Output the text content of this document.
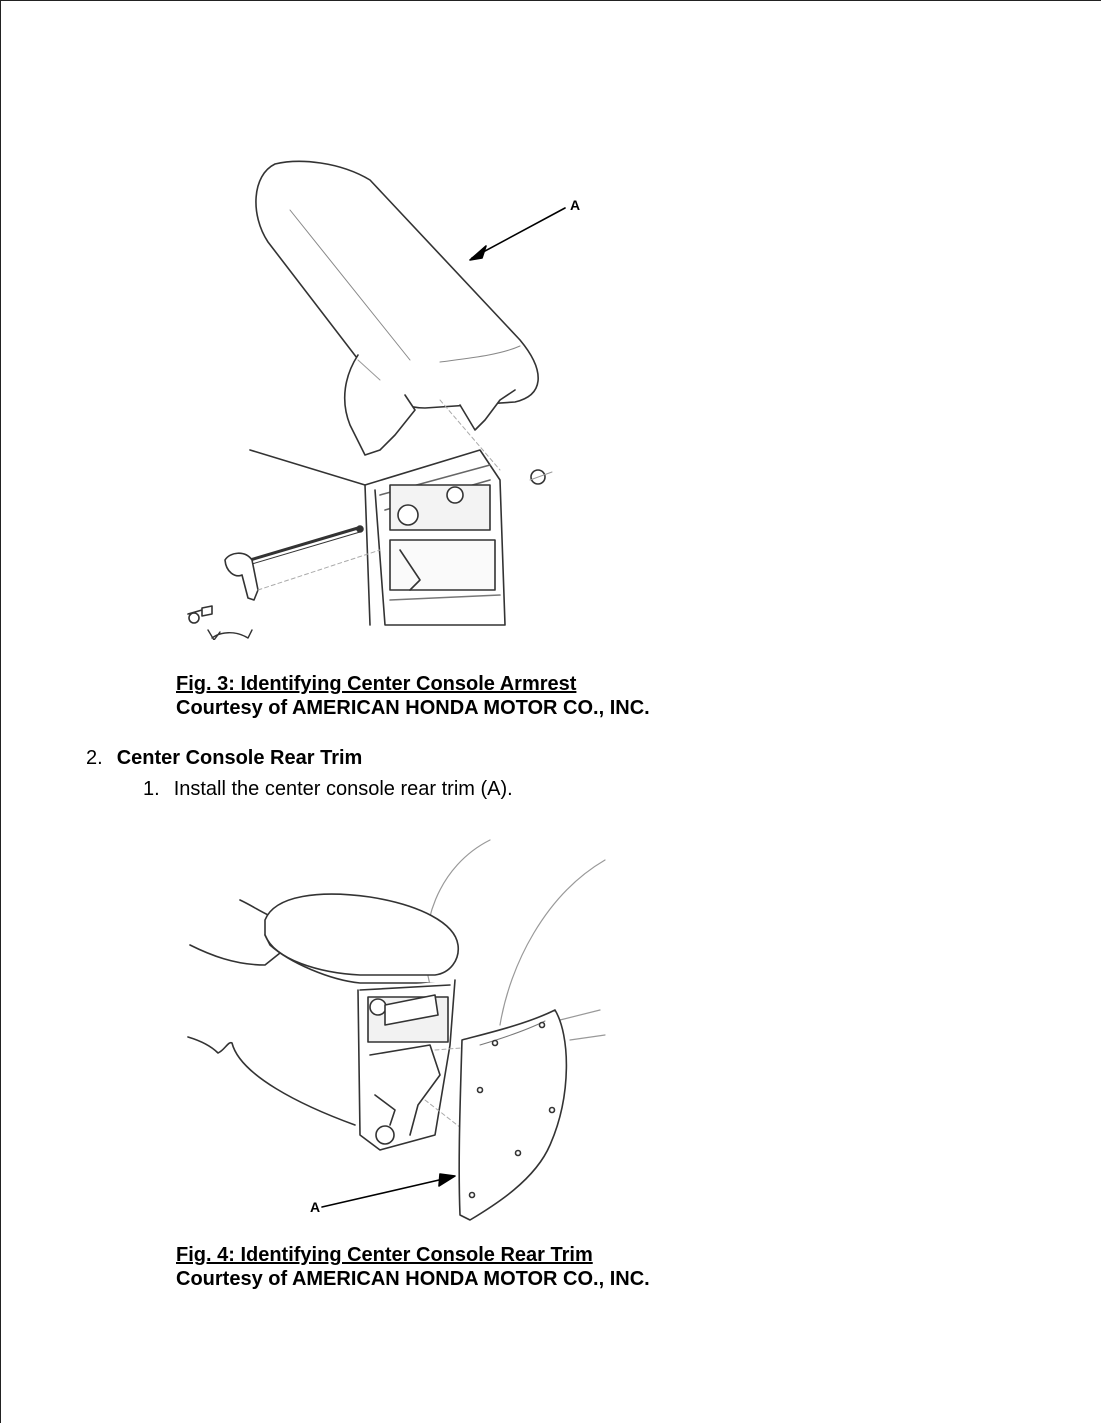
A
Fig. 3: Identifying Center Console Armrest
Courtesy of AMERICAN HONDA MOTOR CO., INC.
2. Center Console Rear Trim
1. Install the center console rear trim (A).
A
Fig. 4: Identifying Center Console Rear Trim
Courtesy of AMERICAN HONDA MOTOR CO., INC.
